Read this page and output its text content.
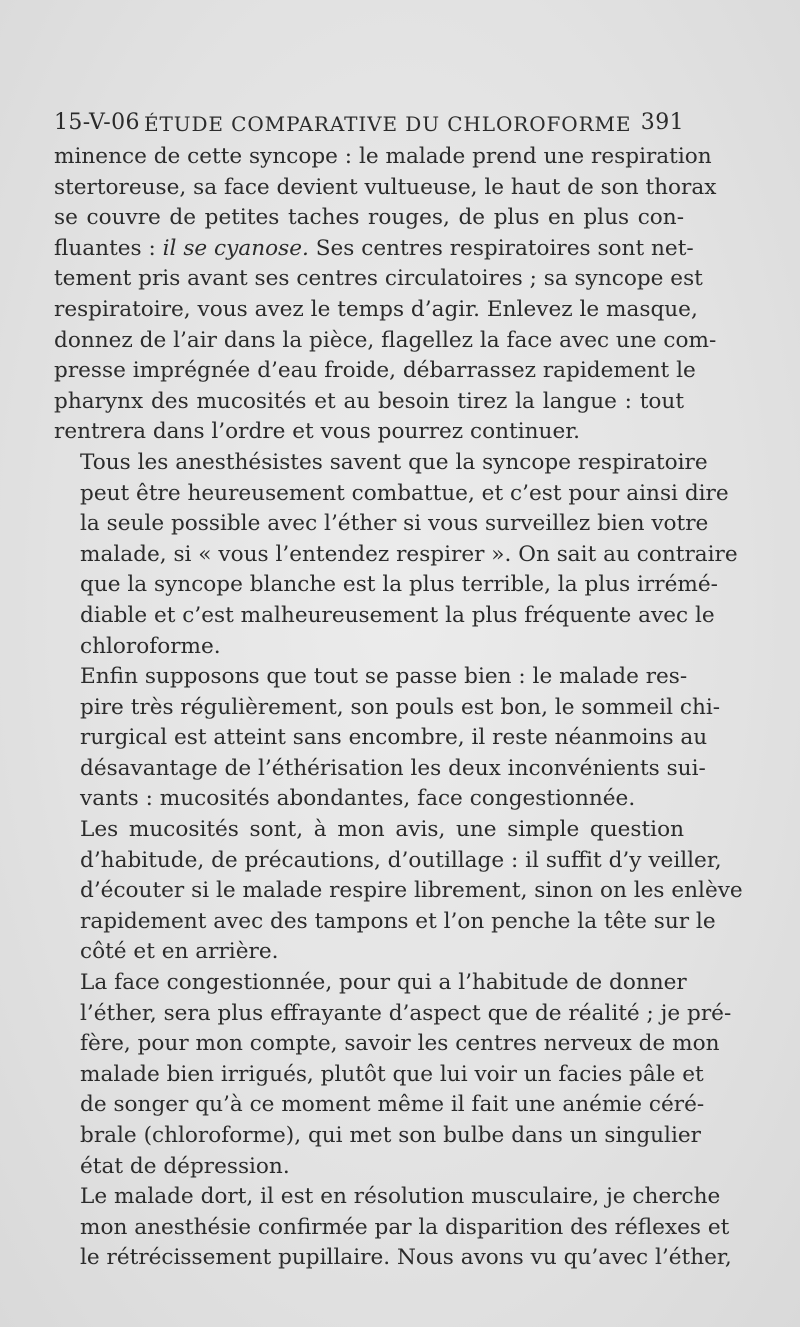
15-V-06 ÉTUDE COMPARATIVE DU CHLOROFORME 391

minence de cette syncope : le malade prend une respiration
stertoreuse, sa face devient vultueuse, le haut de son thorax
se couvre de petites taches rouges, de plus en plus con-
fluantes : il se cyanose. Ses centres respiratoires sont net-
tement pris avant ses centres circulatoires ; sa syncope est
respiratoire, vous avez le temps d’agir. Enlevez le masque,
donnez de l’air dans la pièce, flagellez la face avec une com-
presse imprégnée d’eau froide, débarrassez rapidement le
pharynx des mucosités et au besoin tirez la langue : tout
rentrera dans l’ordre et vous pourrez continuer.

Tous les anesthésistes savent que la syncope respiratoire
peut être heureusement combattue, et c’est pour ainsi dire
la seule possible avec l’éther si vous surveillez bien votre
malade, si « vous l’entendez respirer ». On sait au contraire
que la syncope blanche est la plus terrible, la plus irrémé-
diable et c’est malheureusement la plus fréquente avec le
chloroforme.

Enfin supposons que tout se passe bien : le malade res-
pire très régulièrement, son pouls est bon, le sommeil chi-
rurgical est atteint sans encombre, il reste néanmoins au
désavantage de l’éthérisation les deux inconvénients sui-
vants : mucosités abondantes, face congestionnée.

Les mucosités sont, à mon avis, une simple question
d’habitude, de précautions, d’outillage : il suffit d’y veiller,
d’écouter si le malade respire librement, sinon on les enlève
rapidement avec des tampons et l’on penche la tête sur le
côté et en arrière.

La face congestionnée, pour qui a l’habitude de donner
l’éther, sera plus effrayante d’aspect que de réalité ; je pré-
fère, pour mon compte, savoir les centres nerveux de mon
malade bien irrigués, plutôt que lui voir un facies pâle et
de songer qu’à ce moment même il fait une anémie céré-
brale (chloroforme), qui met son bulbe dans un singulier
état de dépression.

Le malade dort, il est en résolution musculaire, je cherche
mon anesthésie confirmée par la disparition des réflexes et
le rétrécissement pupillaire. Nous avons vu qu’avec l’éther,
